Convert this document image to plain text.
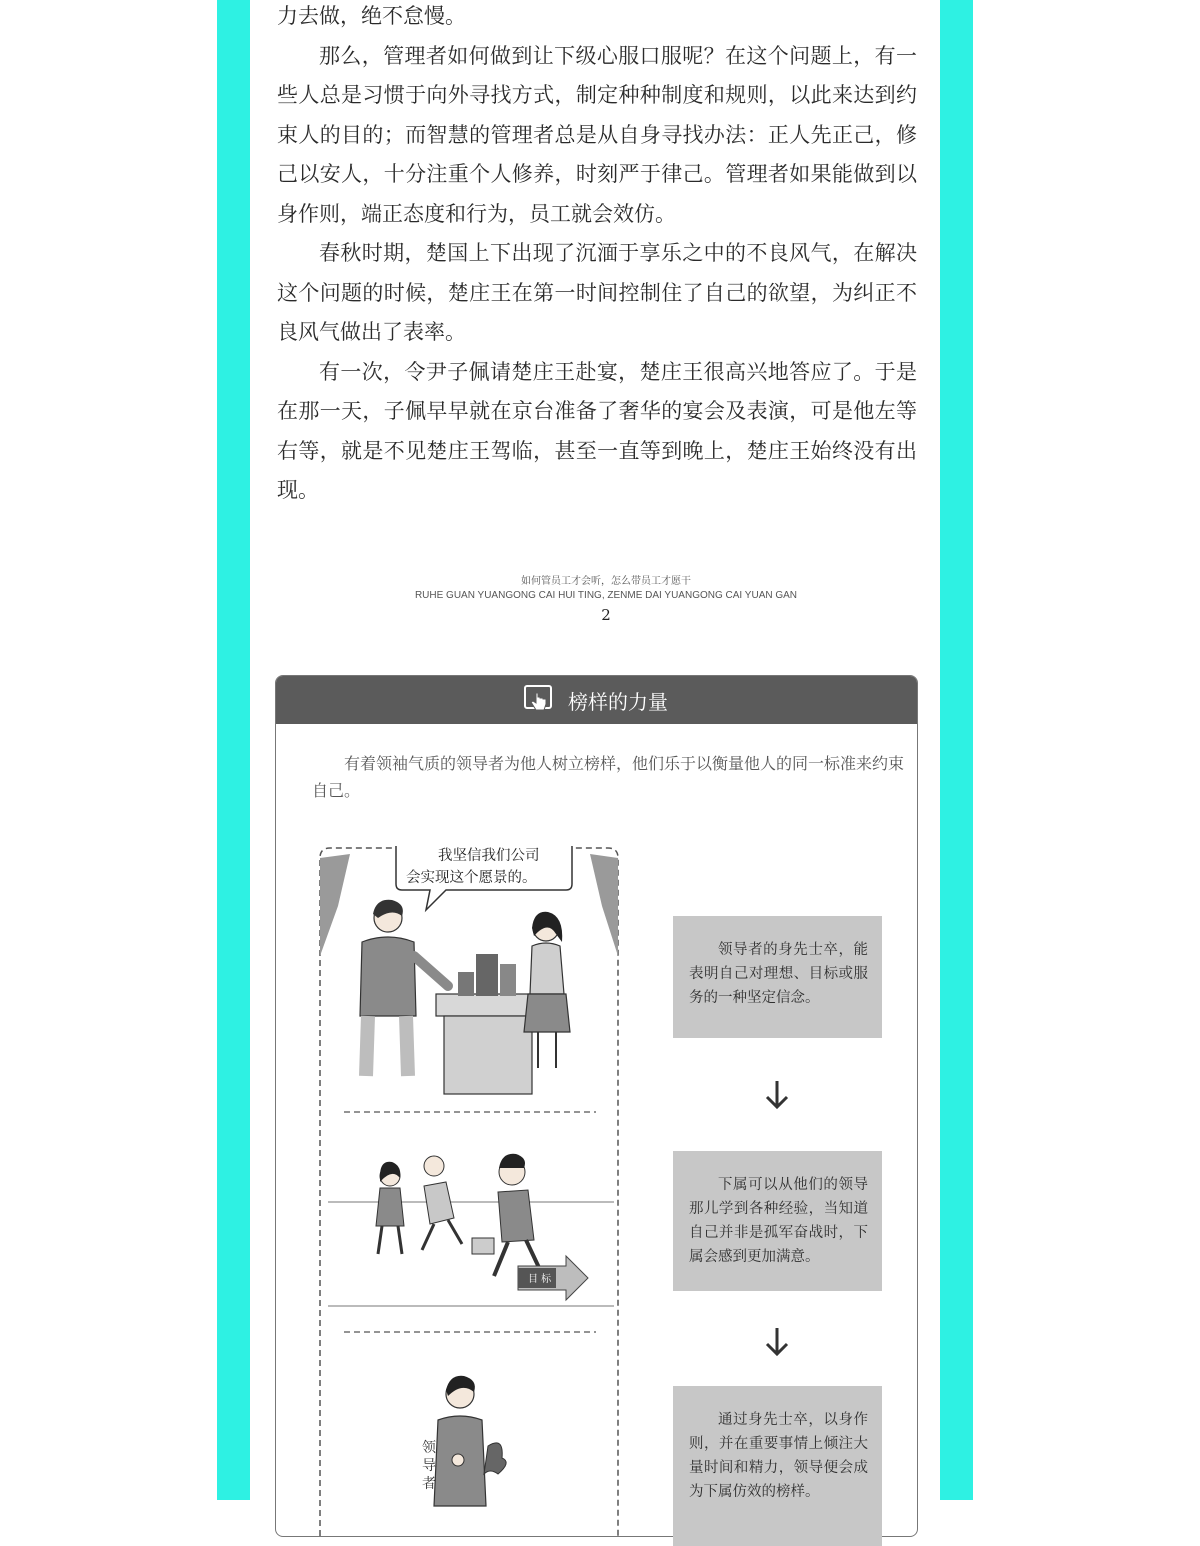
力去做，绝不怠慢。

那么，管理者如何做到让下级心服口服呢？在这个问题上，有一些人总是习惯于向外寻找方式，制定种种制度和规则，以此来达到约束人的目的；而智慧的管理者总是从自身寻找办法：正人先正己，修己以安人，十分注重个人修养，时刻严于律己。管理者如果能做到以身作则，端正态度和行为，员工就会效仿。

春秋时期，楚国上下出现了沉湎于享乐之中的不良风气，在解决这个问题的时候，楚庄王在第一时间控制住了自己的欲望，为纠正不良风气做出了表率。

有一次，令尹子佩请楚庄王赴宴，楚庄王很高兴地答应了。于是在那一天，子佩早早就在京台准备了奢华的宴会及表演，可是他左等右等，就是不见楚庄王驾临，甚至一直等到晚上，楚庄王始终没有出现。

如何管员工才会听，怎么带员工才愿干
RUHE GUAN YUANGONG CAI HUI TING, ZENME DAI YUANGONG CAI YUAN GAN
2
榜样的力量
有着领袖气质的领导者为他人树立榜样，他们乐于以衡量他人的同一标准来约束自己。
我坚信我们公司
会实现这个愿景的。
目 标
领
导
者
领导者的身先士卒，能表明自己对理想、目标或服务的一种坚定信念。
下属可以从他们的领导那儿学到各种经验，当知道自己并非是孤军奋战时，下属会感到更加满意。
通过身先士卒，以身作则，并在重要事情上倾注大量时间和精力，领导便会成为下属仿效的榜样。
